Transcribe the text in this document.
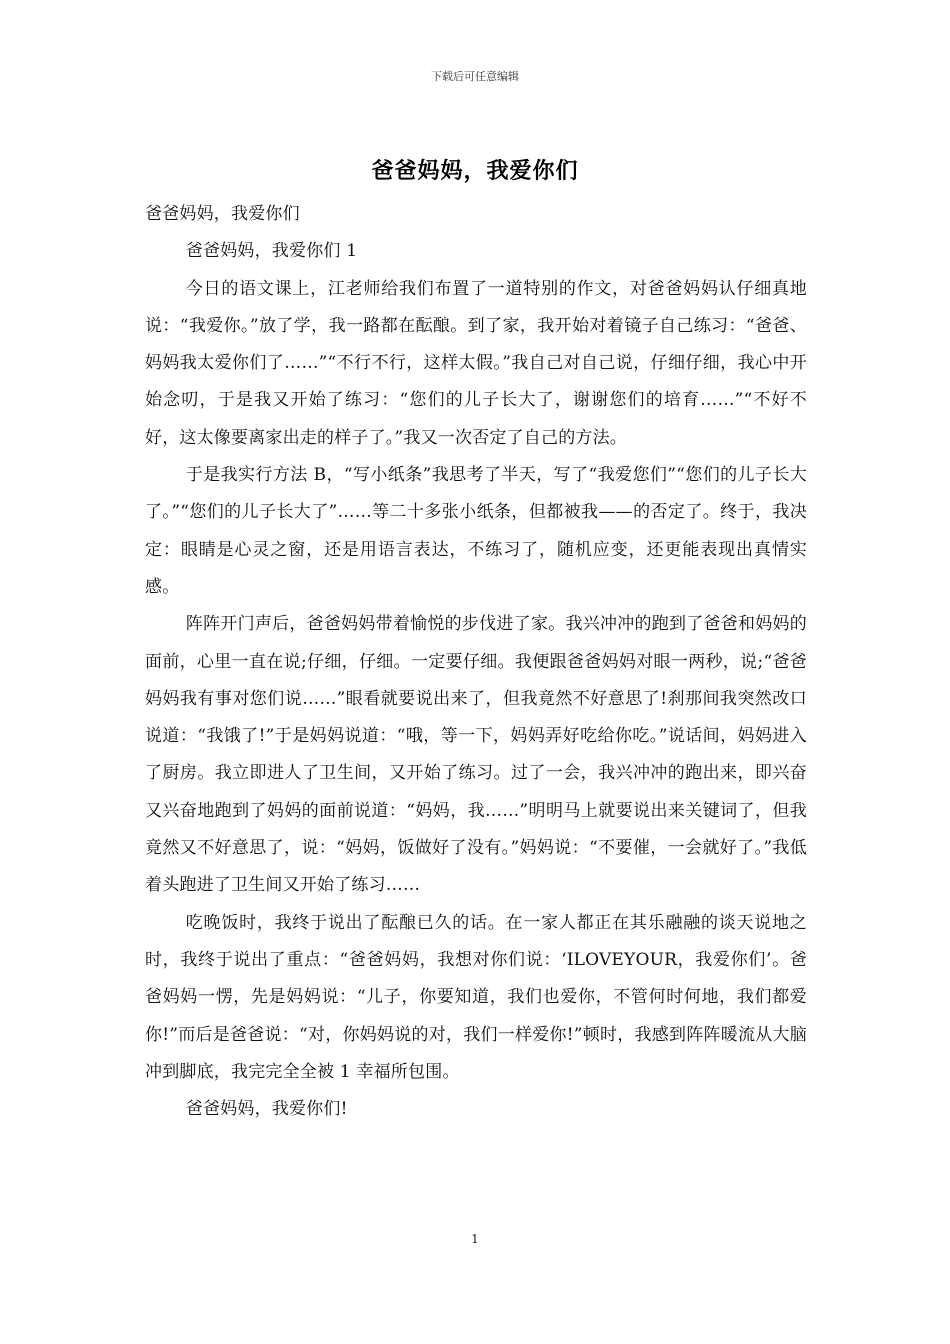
下载后可任意编辑
爸爸妈妈，我爱你们

爸爸妈妈，我爱你们

爸爸妈妈，我爱你们 1

今日的语文课上，江老师给我们布置了一道特别的作文，对爸爸妈妈认仔细真地说：“我爱你。”放了学，我一路都在酝酿。到了家，我开始对着镜子自己练习：“爸爸、妈妈我太爱你们了……”“不行不行，这样太假。”我自己对自己说，仔细仔细，我心中开始念叨，于是我又开始了练习：“您们的儿子长大了，谢谢您们的培育……”“不好不好，这太像要离家出走的样子了。”我又一次否定了自己的方法。

于是我实行方法 B，“写小纸条”我思考了半天，写了“我爱您们”“您们的儿子长大了。”“您们的儿子长大了”……等二十多张小纸条，但都被我——的否定了。终于，我决定：眼睛是心灵之窗，还是用语言表达，不练习了，随机应变，还更能表现出真情实感。

阵阵开门声后，爸爸妈妈带着愉悦的步伐进了家。我兴冲冲的跑到了爸爸和妈妈的面前，心里一直在说;仔细，仔细。一定要仔细。我便跟爸爸妈妈对眼一两秒，说;“爸爸妈妈我有事对您们说……”眼看就要说出来了，但我竟然不好意思了!刹那间我突然改口说道：“我饿了!”于是妈妈说道：“哦，等一下，妈妈弄好吃给你吃。”说话间，妈妈进入了厨房。我立即进人了卫生间，又开始了练习。过了一会，我兴冲冲的跑出来，即兴奋又兴奋地跑到了妈妈的面前说道：“妈妈，我……”明明马上就要说出来关键词了，但我竟然又不好意思了，说：“妈妈，饭做好了没有。”妈妈说：“不要催，一会就好了。”我低着头跑进了卫生间又开始了练习……

吃晚饭时，我终于说出了酝酿已久的话。在一家人都正在其乐融融的谈天说地之时，我终于说出了重点：“爸爸妈妈，我想对你们说：‘ILOVEYOUR，我爱你们’。爸爸妈妈一愣，先是妈妈说：“儿子，你要知道，我们也爱你，不管何时何地，我们都爱你!”而后是爸爸说：“对，你妈妈说的对，我们一样爱你!”顿时，我感到阵阵暖流从大脑冲到脚底，我完完全全被 1 幸福所包围。

爸爸妈妈，我爱你们!

1
